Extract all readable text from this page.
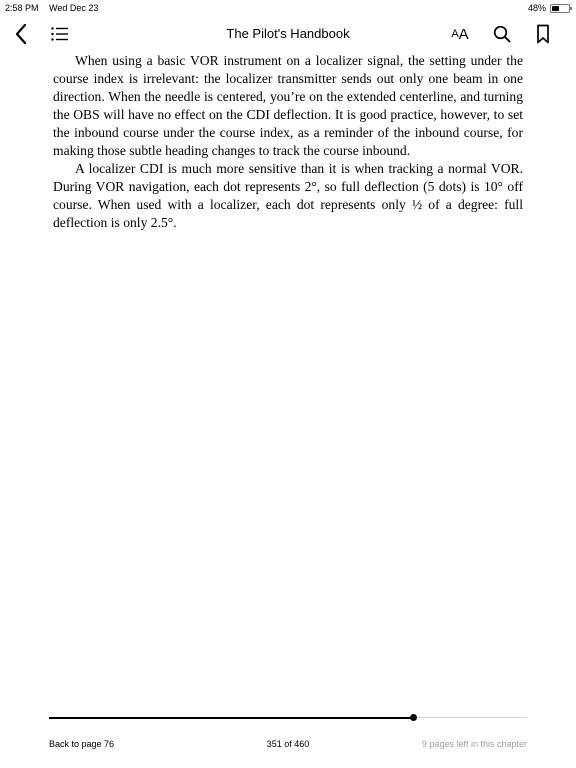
2:58 PM Wed Dec 23	48%
The Pilot's Handbook	A A

When using a basic VOR instrument on a localizer signal, the setting under the course index is irrelevant: the localizer transmitter sends out only one beam in one direction. When the needle is centered, you’re on the extended centerline, and turning the OBS will have no effect on the CDI deflection. It is good practice, however, to set the inbound course under the course index, as a reminder of the inbound course, for making those subtle heading changes to track the course inbound.

A localizer CDI is much more sensitive than it is when tracking a normal VOR. During VOR navigation, each dot represents 2°, so full deflection (5 dots) is 10° off course. When used with a localizer, each dot represents only ½ of a degree: full deflection is only 2.5°.

Back to page 76	351 of 460	9 pages left in this chapter
